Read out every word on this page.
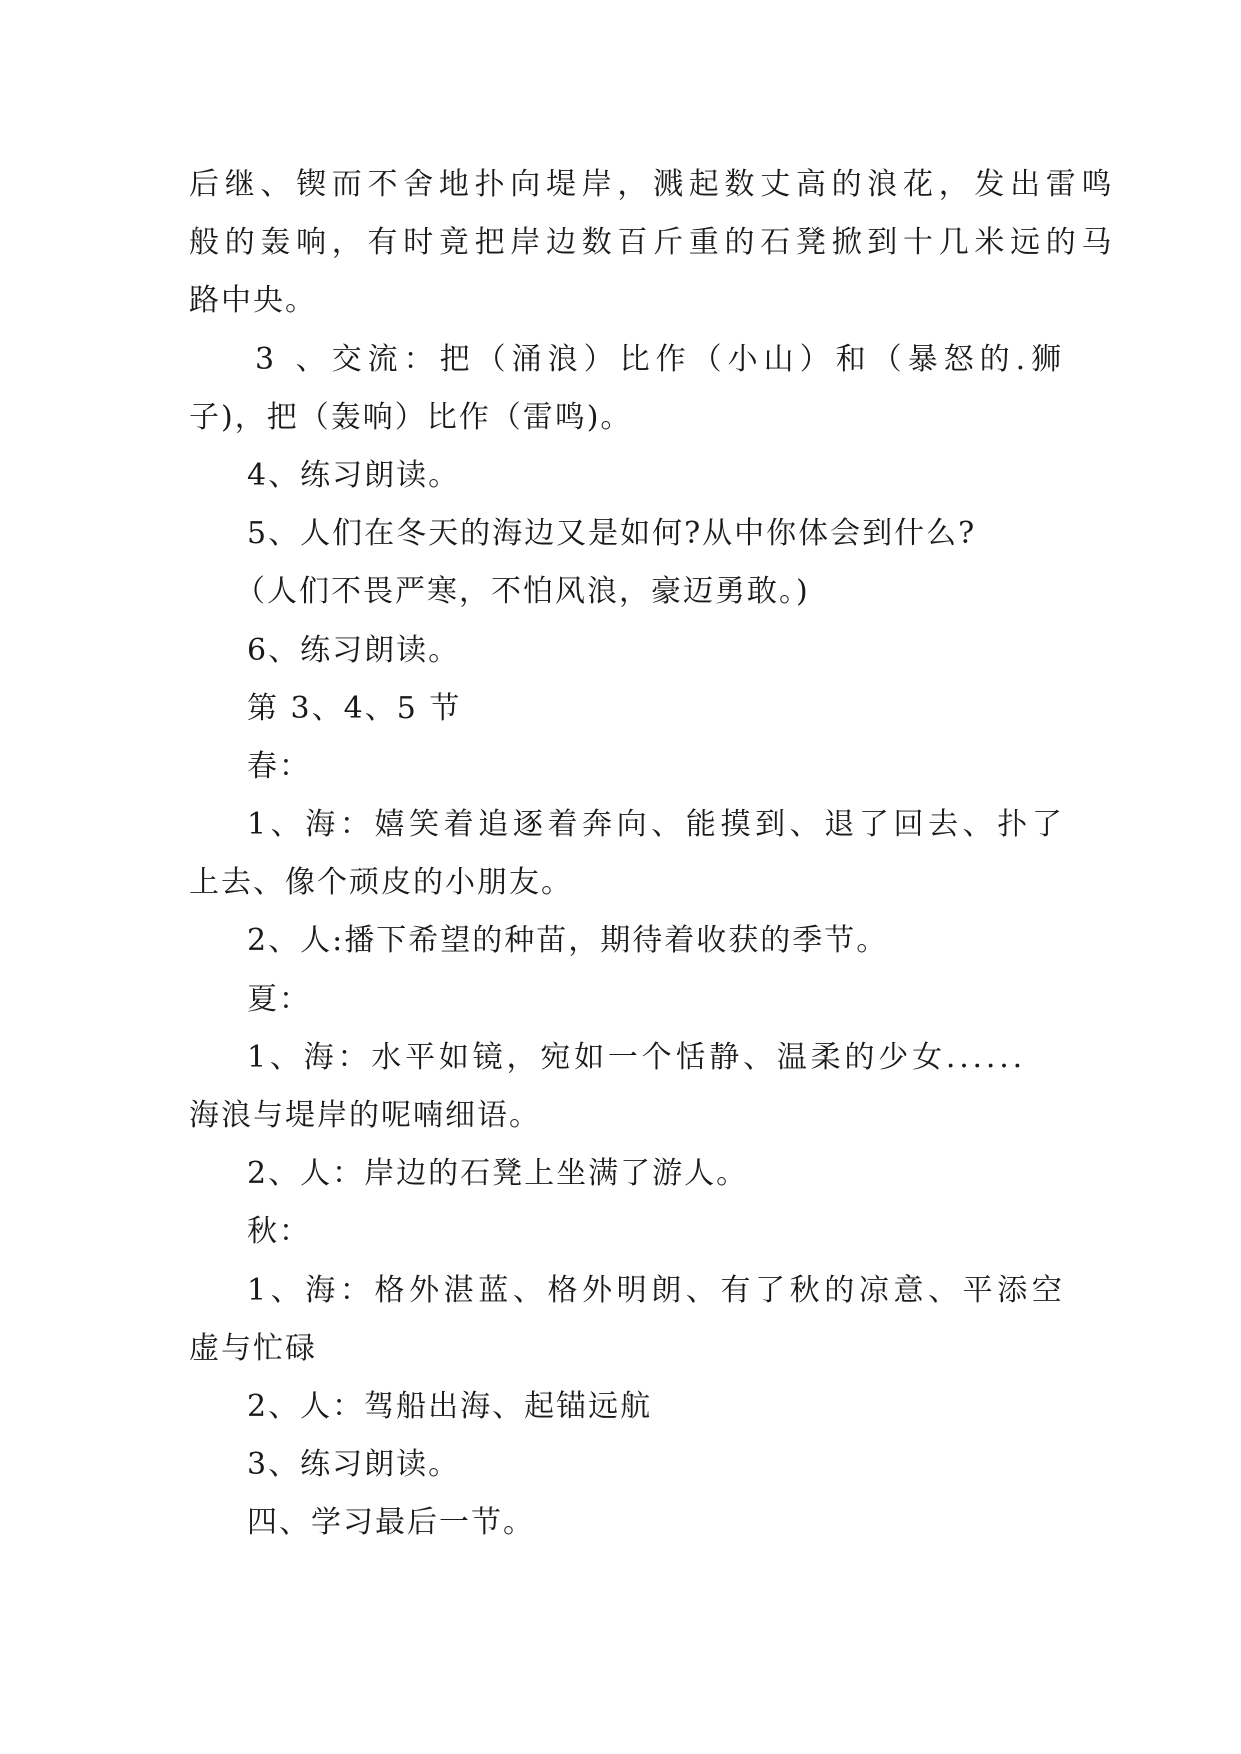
后继、锲而不舍地扑向堤岸，溅起数丈高的浪花，发出雷鸣
般的轰响，有时竟把岸边数百斤重的石凳掀到十几米远的马
路中央。
3 、交流：把（涌浪）比作（小山）和（暴怒的.狮
子)，把（轰响）比作（雷鸣)。
4、练习朗读。
5、人们在冬天的海边又是如何?从中你体会到什么?
（人们不畏严寒，不怕风浪，豪迈勇敢。)
6、练习朗读。
第 3、4、5 节
春：
1、海：嬉笑着追逐着奔向、能摸到、退了回去、扑了
上去、像个顽皮的小朋友。
2、人:播下希望的种苗，期待着收获的季节。
夏：
1、海：水平如镜，宛如一个恬静、温柔的少女......
海浪与堤岸的呢喃细语。
2、人：岸边的石凳上坐满了游人。
秋：
1、海：格外湛蓝、格外明朗、有了秋的凉意、平添空
虚与忙碌
2、人：驾船出海、起锚远航
3、练习朗读。
四、学习最后一节。
